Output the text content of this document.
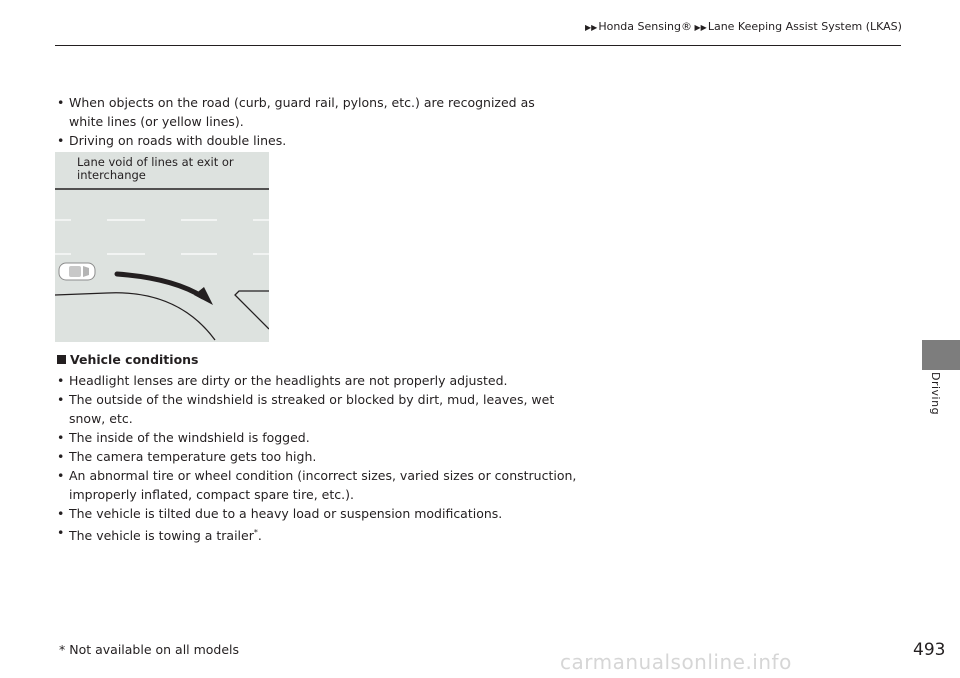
▶▶Honda Sensing® ▶▶Lane Keeping Assist System (LKAS)
Driving
• When objects on the road (curb, guard rail, pylons, etc.) are recognized as white lines (or yellow lines).
• Driving on roads with double lines.
Lane void of lines at exit or interchange
Vehicle conditions
• Headlight lenses are dirty or the headlights are not properly adjusted.
• The outside of the windshield is streaked or blocked by dirt, mud, leaves, wet snow, etc.
• The inside of the windshield is fogged.
• The camera temperature gets too high.
• An abnormal tire or wheel condition (incorrect sizes, varied sizes or construction, improperly inflated, compact spare tire, etc.).
• The vehicle is tilted due to a heavy load or suspension modifications.
• The vehicle is towing a trailer*.
* Not available on all models
carmanualsonline.info	493
